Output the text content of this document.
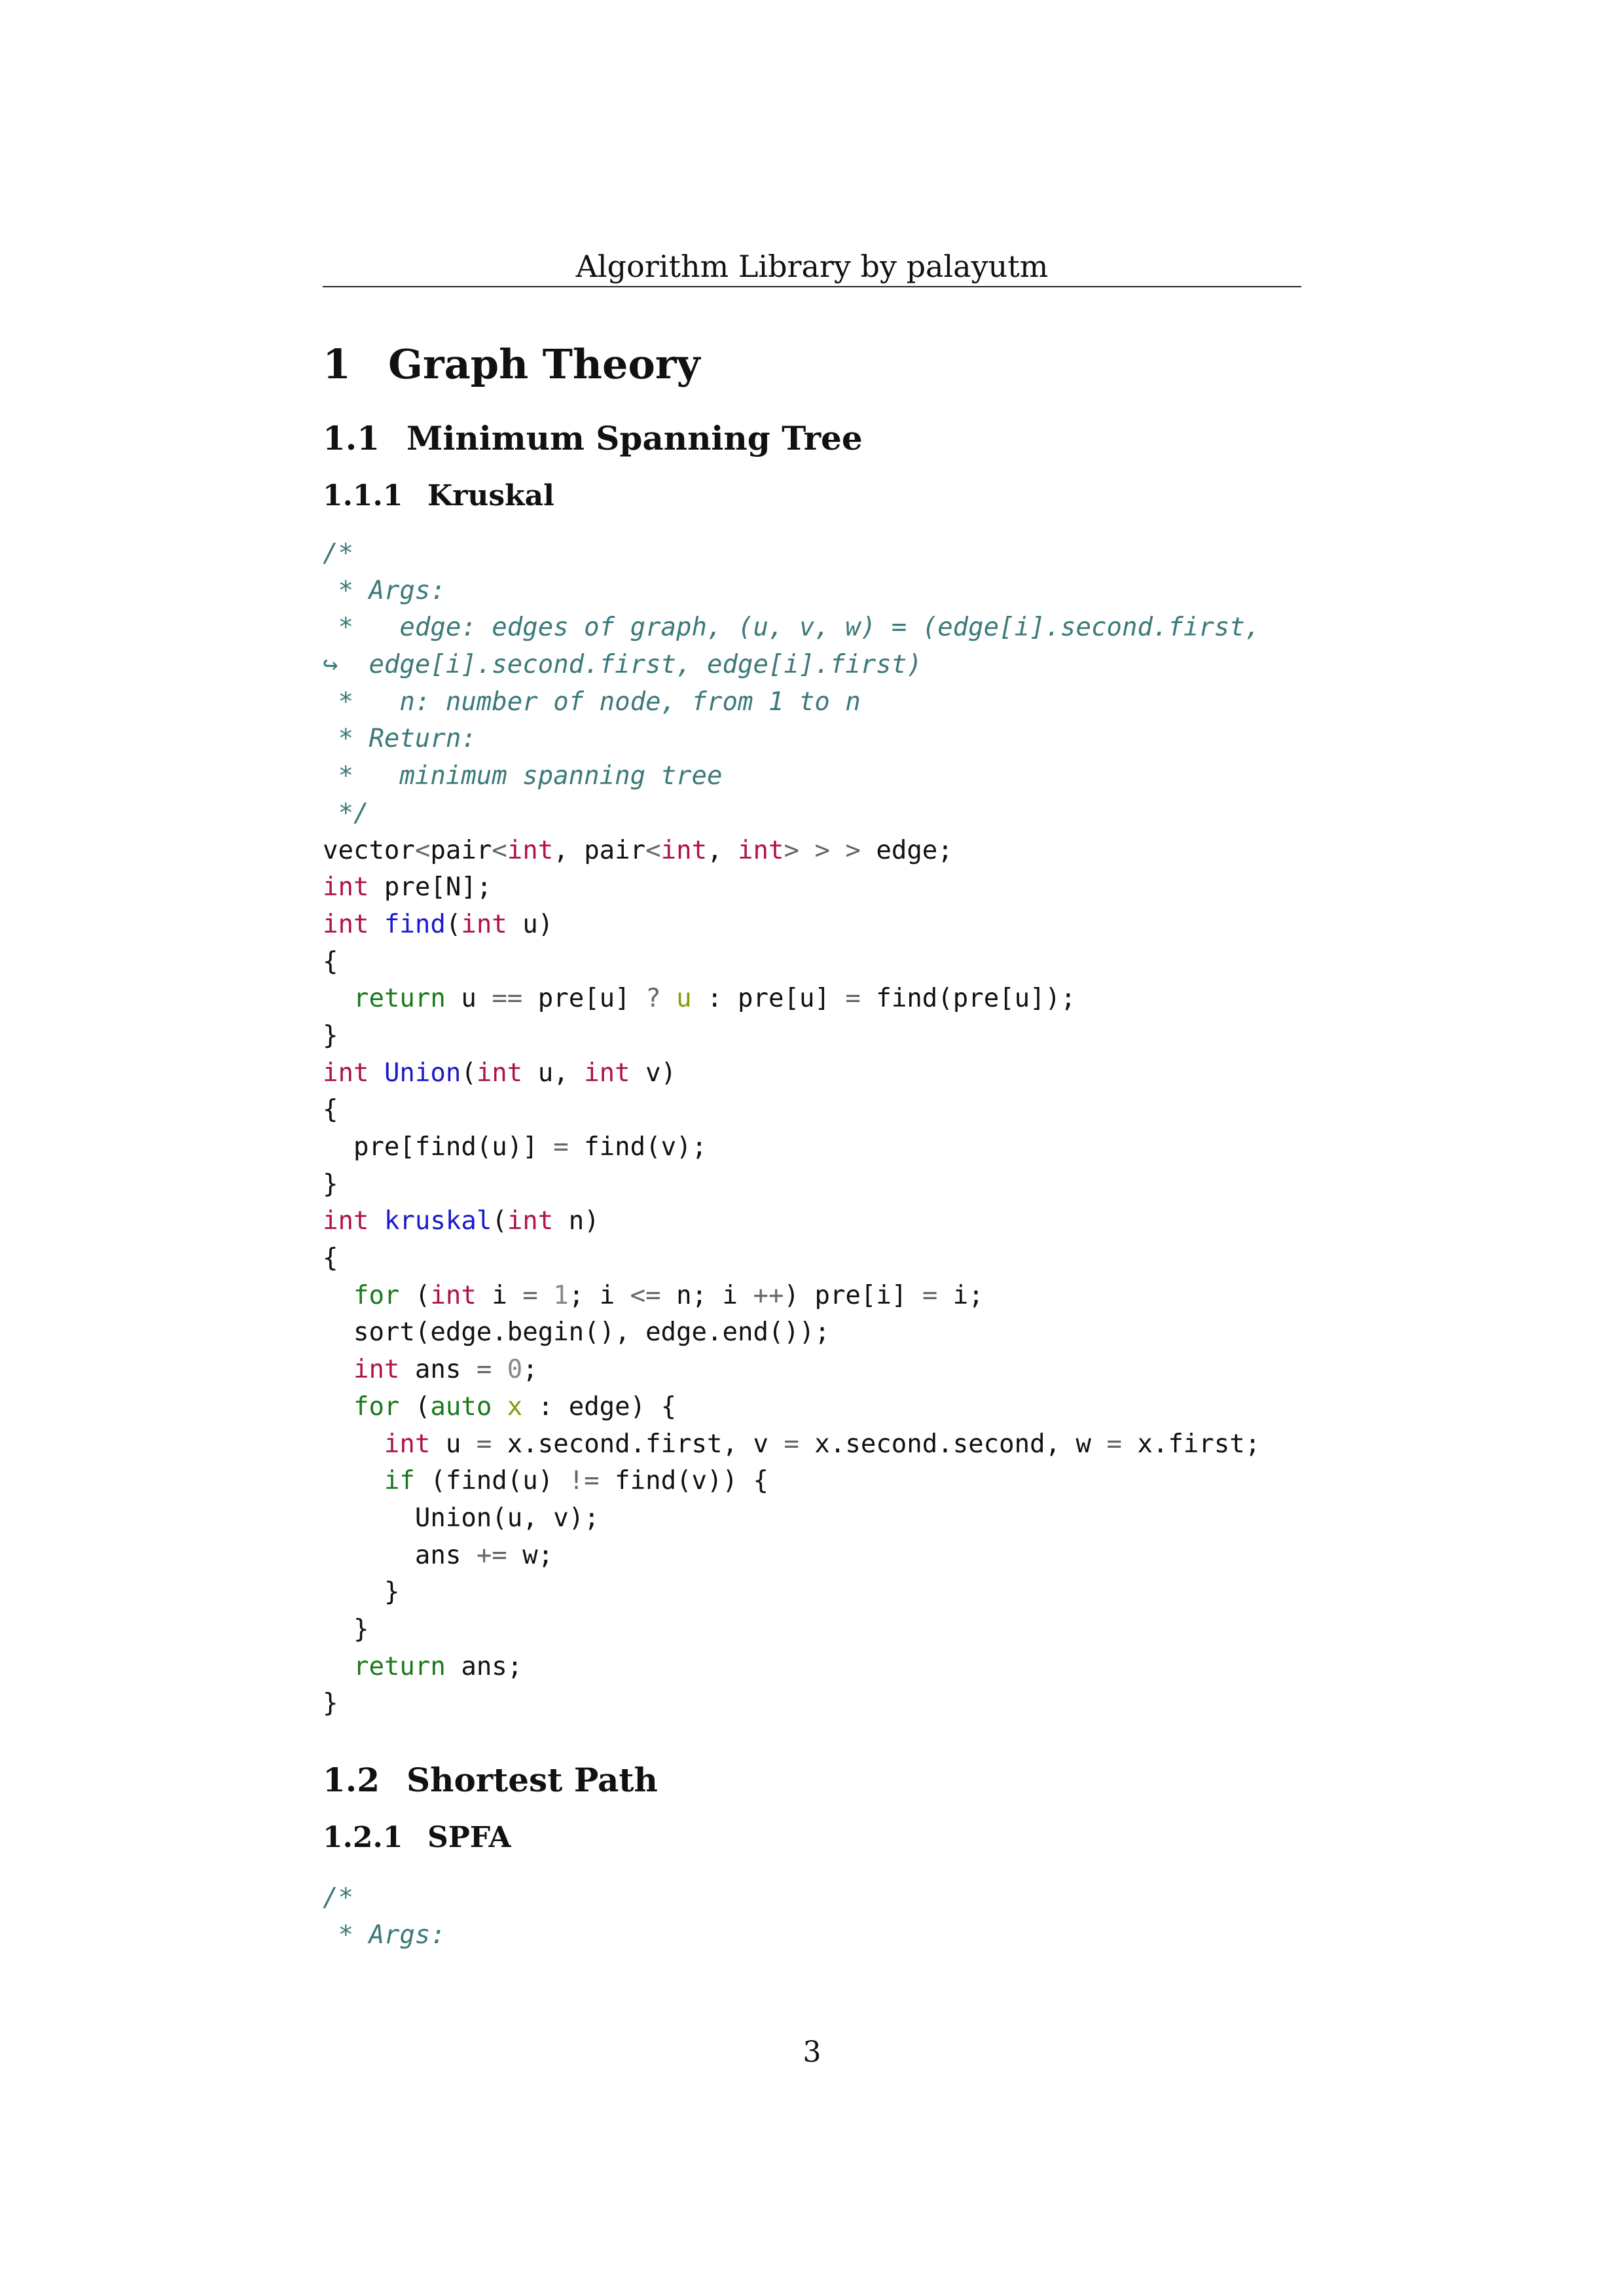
Algorithm Library by palayutm
1 Graph Theory
1.1 Minimum Spanning Tree
1.1.1 Kruskal
/*
* Args:
*   edge: edges of graph, (u, v, w) = (edge[i].second.first,
↪  edge[i].second.first, edge[i].first)
*   n: number of node, from 1 to n
* Return:
*   minimum spanning tree
*/
vector<pair<int, pair<int, int> > > edge;
int pre[N];
int find(int u)
{
return u == pre[u] ? u : pre[u] = find(pre[u]);
}
int Union(int u, int v)
{
pre[find(u)] = find(v);
}
int kruskal(int n)
{
for (int i = 1; i <= n; i ++) pre[i] = i;
sort(edge.begin(), edge.end());
int ans = 0;
for (auto x : edge) {
int u = x.second.first, v = x.second.second, w = x.first;
if (find(u) != find(v)) {
Union(u, v);
ans += w;
}
}
return ans;
}
1.2 Shortest Path
1.2.1 SPFA
/*
* Args:
3
